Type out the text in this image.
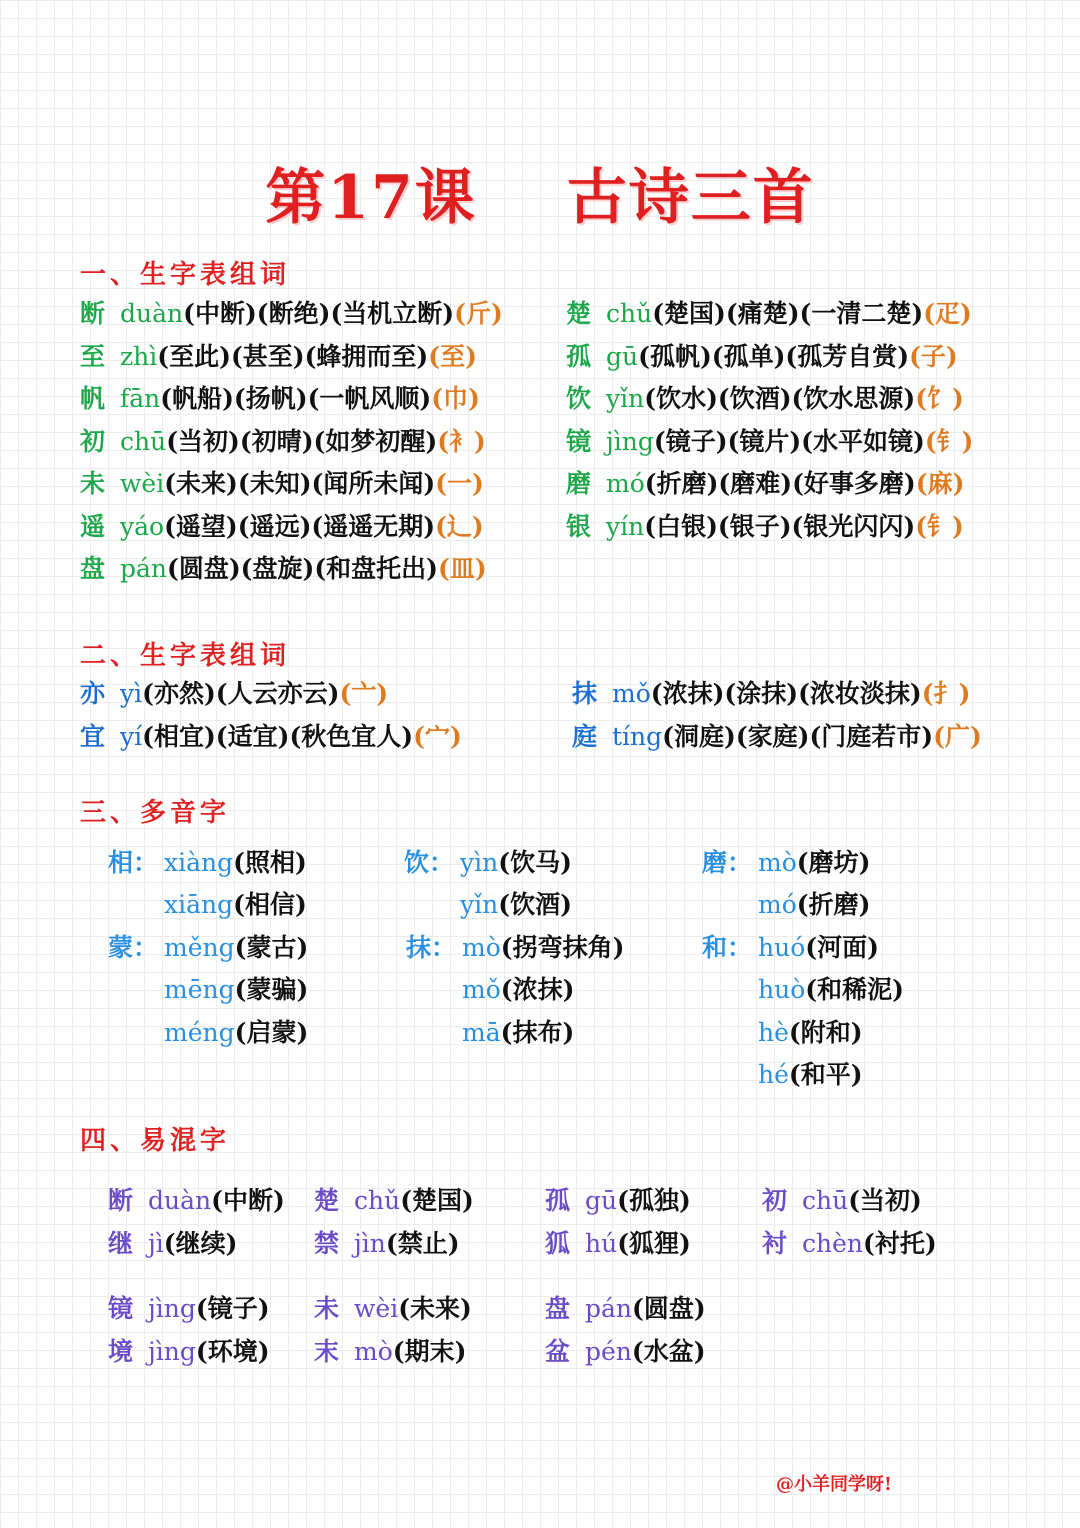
第17课 古诗三首
一、生字表组词
断 duàn(中断)(断绝)(当机立断)(斤)
至 zhì(至此)(甚至)(蜂拥而至)(至)
帆 fān(帆船)(扬帆)(一帆风顺)(巾)
初 chū(当初)(初晴)(如梦初醒)(衤)
未 wèi(未来)(未知)(闻所未闻)(一)
遥 yáo(遥望)(遥远)(遥遥无期)(辶)
盘 pán(圆盘)(盘旋)(和盘托出)(皿)
楚 chǔ(楚国)(痛楚)(一清二楚)(疋)
孤 gū(孤帆)(孤单)(孤芳自赏)(子)
饮 yǐn(饮水)(饮酒)(饮水思源)(饣)
镜 jìng(镜子)(镜片)(水平如镜)(钅)
磨 mó(折磨)(磨难)(好事多磨)(麻)
银 yín(白银)(银子)(银光闪闪)(钅)
二、生字表组词
亦 yì(亦然)(人云亦云)(亠)
宜 yí(相宜)(适宜)(秋色宜人)(宀)
抹 mǒ(浓抹)(涂抹)(浓妆淡抹)(扌)
庭 tíng(洞庭)(家庭)(门庭若市)(广)
三、多音字
相： xiàng(照相)
xiāng(相信)
饮： yìn(饮马)
yǐn(饮酒)
磨： mò(磨坊)
mó(折磨)
蒙： měng(蒙古)
mēng(蒙骗)
méng(启蒙)
抹： mò(拐弯抹角)
mǒ(浓抹)
mā(抹布)
和： huó(河面)
huò(和稀泥)
hè(附和)
hé(和平)
四、易混字
断 duàn(中断)
继 jì(继续)
楚 chǔ(楚国)
禁 jìn(禁止)
孤 gū(孤独)
狐 hú(狐狸)
初 chū(当初)
衬 chèn(衬托)
镜 jìng(镜子)
境 jìng(环境)
未 wèi(未来)
末 mò(期末)
盘 pán(圆盘)
盆 pén(水盆)
@小羊同学呀!
